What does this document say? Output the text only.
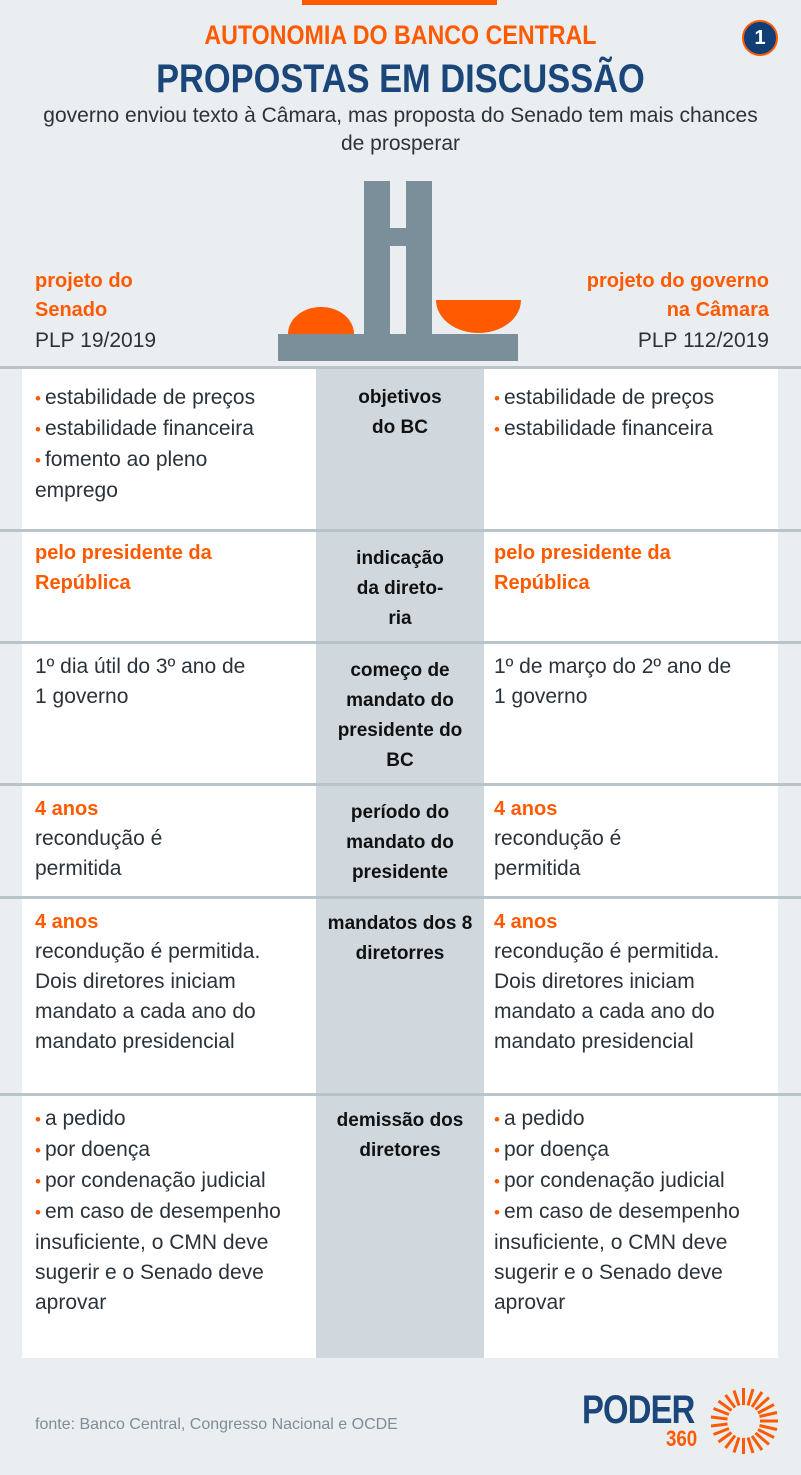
AUTONOMIA DO BANCO CENTRAL
PROPOSTAS EM DISCUSSÃO
governo enviou texto à Câmara, mas proposta do Senado tem mais chances de prosperar
1
projeto do Senado
PLP 19/2019
projeto do governo
na Câmara
PLP 112/2019
• estabilidade de preços
• estabilidade financeira
• fomento ao pleno emprego
objetivos do BC
• estabilidade de preços
• estabilidade financeira
pelo presidente da República
indicação da direto-ria
pelo presidente da República
1º dia útil do 3º ano de 1 governo
começo de mandato do presidente do BC
1º de março do 2º ano de 1 governo
4 anos
recondução é permitida
período do mandato do presidente
4 anos
recondução é permitida
4 anos
recondução é permitida. Dois diretores iniciam mandato a cada ano do mandato presidencial
mandatos dos 8 diretorres
4 anos
recondução é permitida. Dois diretores iniciam mandato a cada ano do mandato presidencial
• a pedido
• por doença
• por condenação judicial
• em caso de desempenho insuficiente, o CMN deve sugerir e o Senado deve aprovar
demissão dos diretores
• a pedido
• por doença
• por condenação judicial
• em caso de desempenho insuficiente, o CMN deve sugerir e o Senado deve aprovar
fonte: Banco Central, Congresso Nacional e OCDE	PODER
360
